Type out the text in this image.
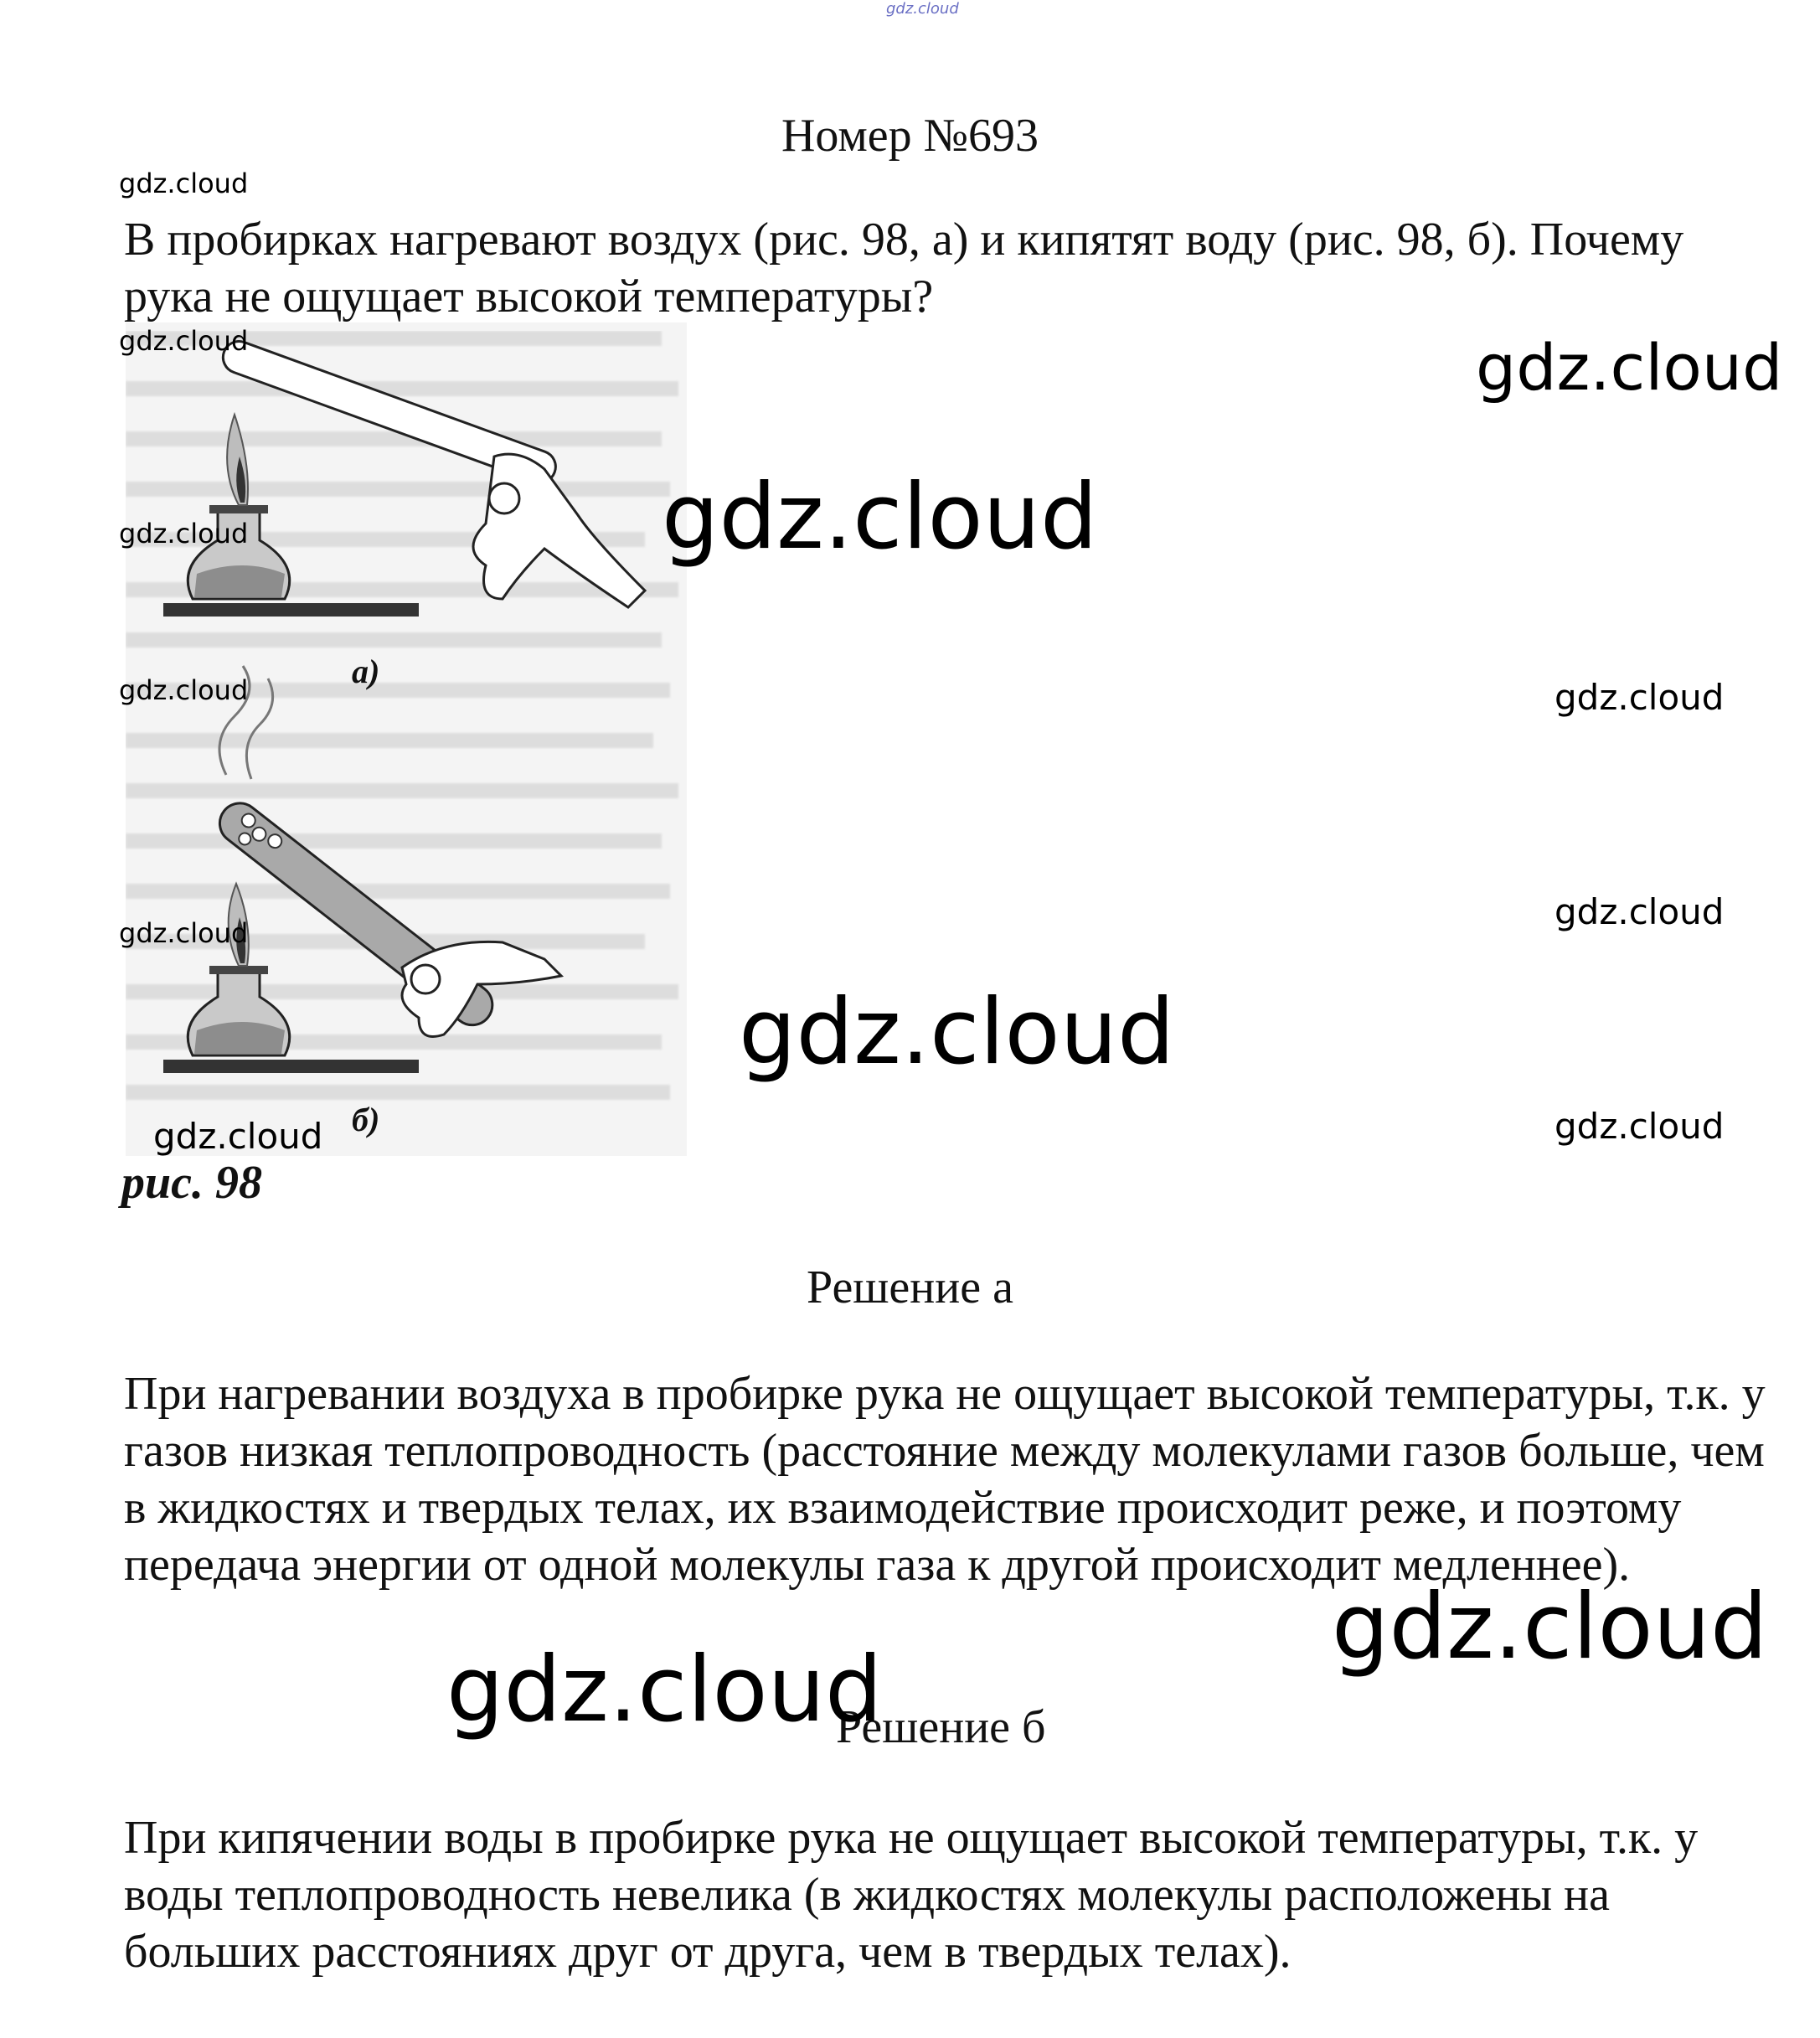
gdz.cloud
Номер №693
В пробирках нагревают воздух (рис. 98, а) и кипятят воду (рис. 98, б). Почему рука не ощущает высокой температуры?
а)
б)
рис. 98
Решение а
При нагревании воздуха в пробирке рука не ощущает высокой температуры, т.к. у газов низкая теплопроводность (расстояние между молекулами газов больше, чем в жидкостях и твердых телах, их взаимодействие происходит реже, и поэтому передача энергии от одной молекулы газа к другой происходит медленнее).
Решение б
При кипячении воды в пробирке рука не ощущает высокой температуры, т.к. у воды теплопроводность невелика (в жидкостях молекулы расположены на больших расстояниях друг от друга, чем в твердых телах).
gdz.cloud
gdz.cloud
gdz.cloud
gdz.cloud
gdz.cloud
gdz.cloud
gdz.cloud
gdz.cloud
gdz.cloud
gdz.cloud
gdz.cloud
gdz.cloud
gdz.cloud
gdz.cloud
